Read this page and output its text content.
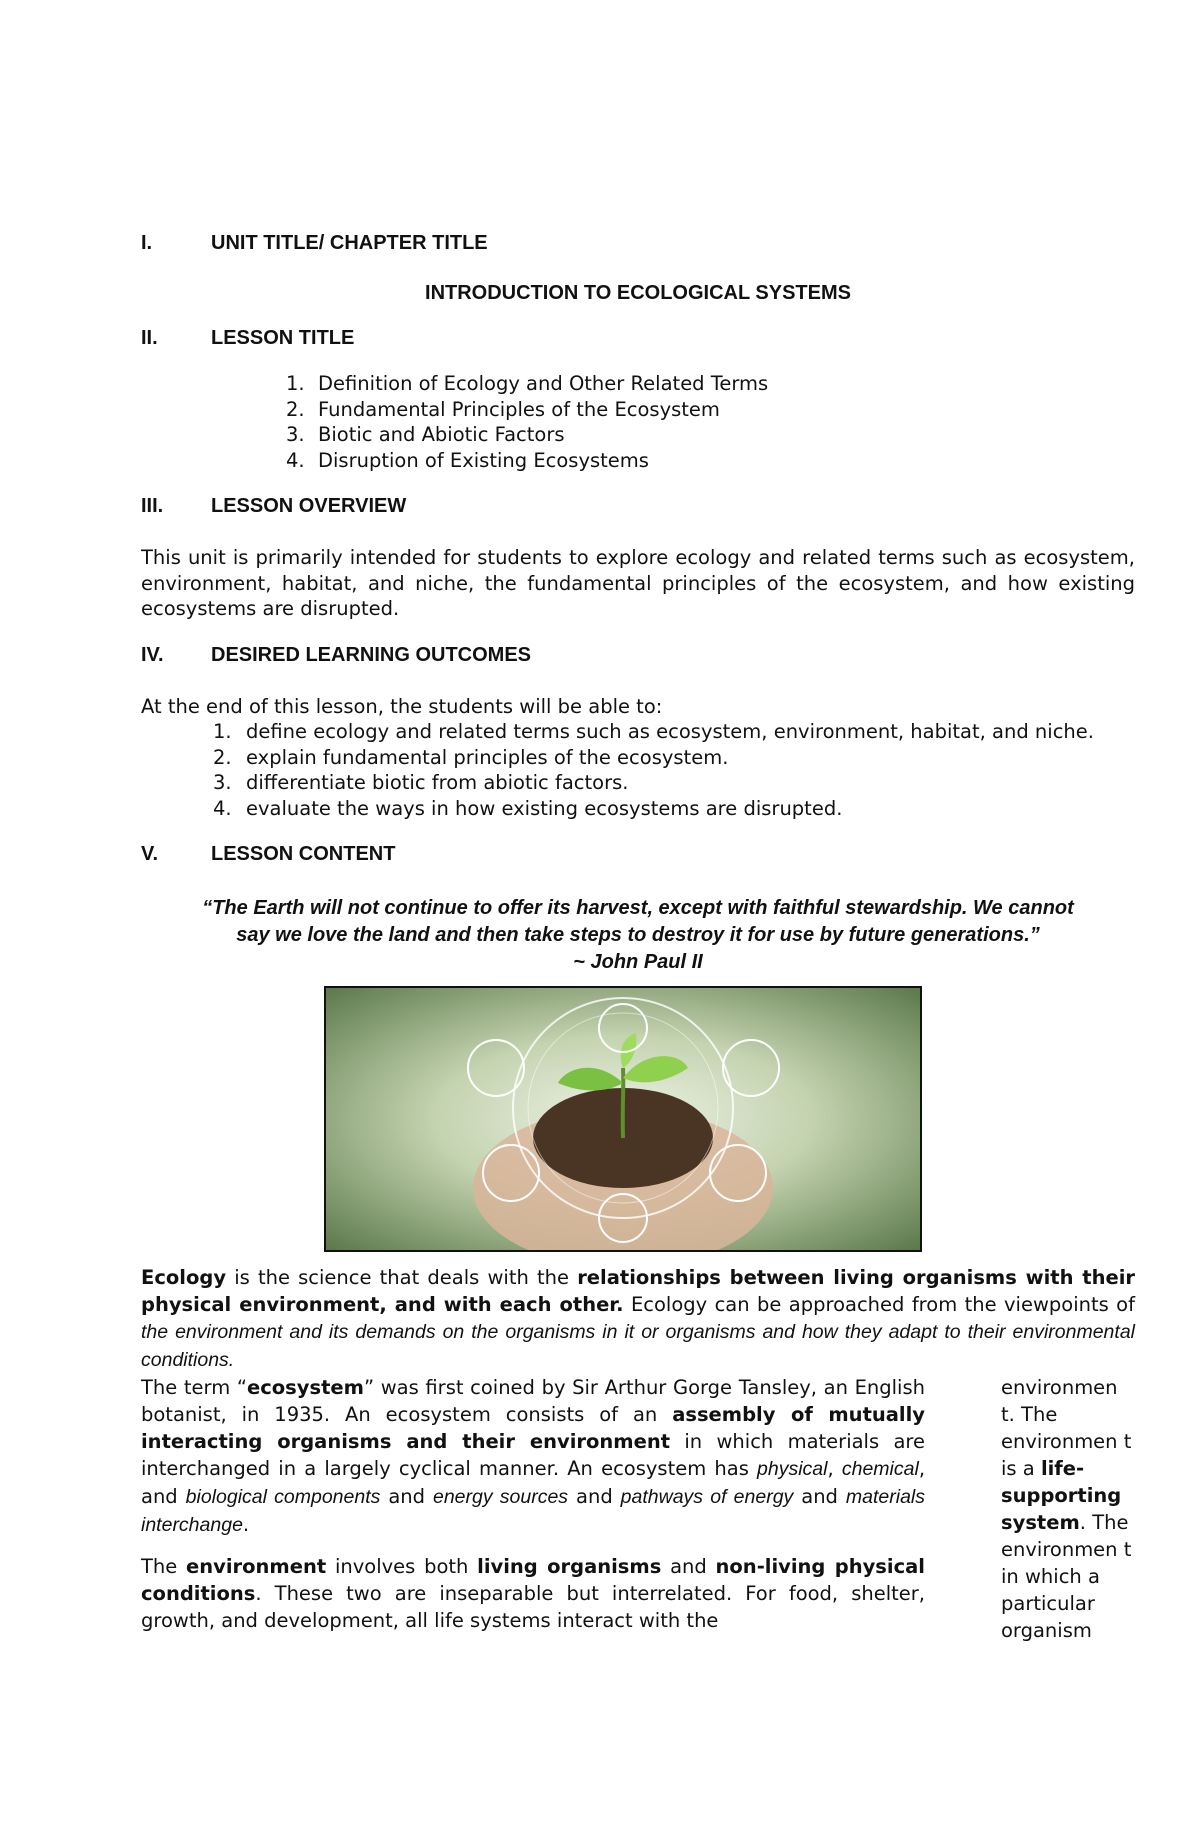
I.	UNIT TITLE/ CHAPTER TITLE
INTRODUCTION TO ECOLOGICAL SYSTEMS
II.	LESSON TITLE
1. Definition of Ecology and Other Related Terms
2. Fundamental Principles of the Ecosystem
3. Biotic and Abiotic Factors
4. Disruption of Existing Ecosystems
III.	LESSON OVERVIEW

This unit is primarily intended for students to explore ecology and related terms such as ecosystem, environment, habitat, and niche, the fundamental principles of the ecosystem, and how existing ecosystems are disrupted.

IV.	DESIRED LEARNING OUTCOMES

At the end of this lesson, the students will be able to:

1. define ecology and related terms such as ecosystem, environment, habitat, and niche.
2. explain fundamental principles of the ecosystem.
3. differentiate biotic from abiotic factors.
4. evaluate the ways in how existing ecosystems are disrupted.
V.	LESSON CONTENT
“The Earth will not continue to offer its harvest, except with faithful stewardship. We cannot
say we love the land and then take steps to destroy it for use by future generations.”
~ John Paul II
Ecology is the science that deals with the relationships between living organisms with their physical environment, and with each other. Ecology can be approached from the viewpoints of the environment and its demands on the organisms in it or organisms and how they adapt to their environmental conditions.
The term “ecosystem” was first coined by Sir Arthur Gorge Tansley, an English botanist, in 1935. An ecosystem consists of an assembly of mutually interacting organisms and their environment in which materials are interchanged in a largely cyclical manner. An ecosystem has physical, chemical, and biological components and energy sources and pathways of energy and materials interchange.
The environment involves both living organisms and non-living physical conditions. These two are inseparable but interrelated. For food, shelter, growth, and development, all life systems interact with the
environmen t. The environmen t is a life-supporting system. The environmen t in which a particular organism
